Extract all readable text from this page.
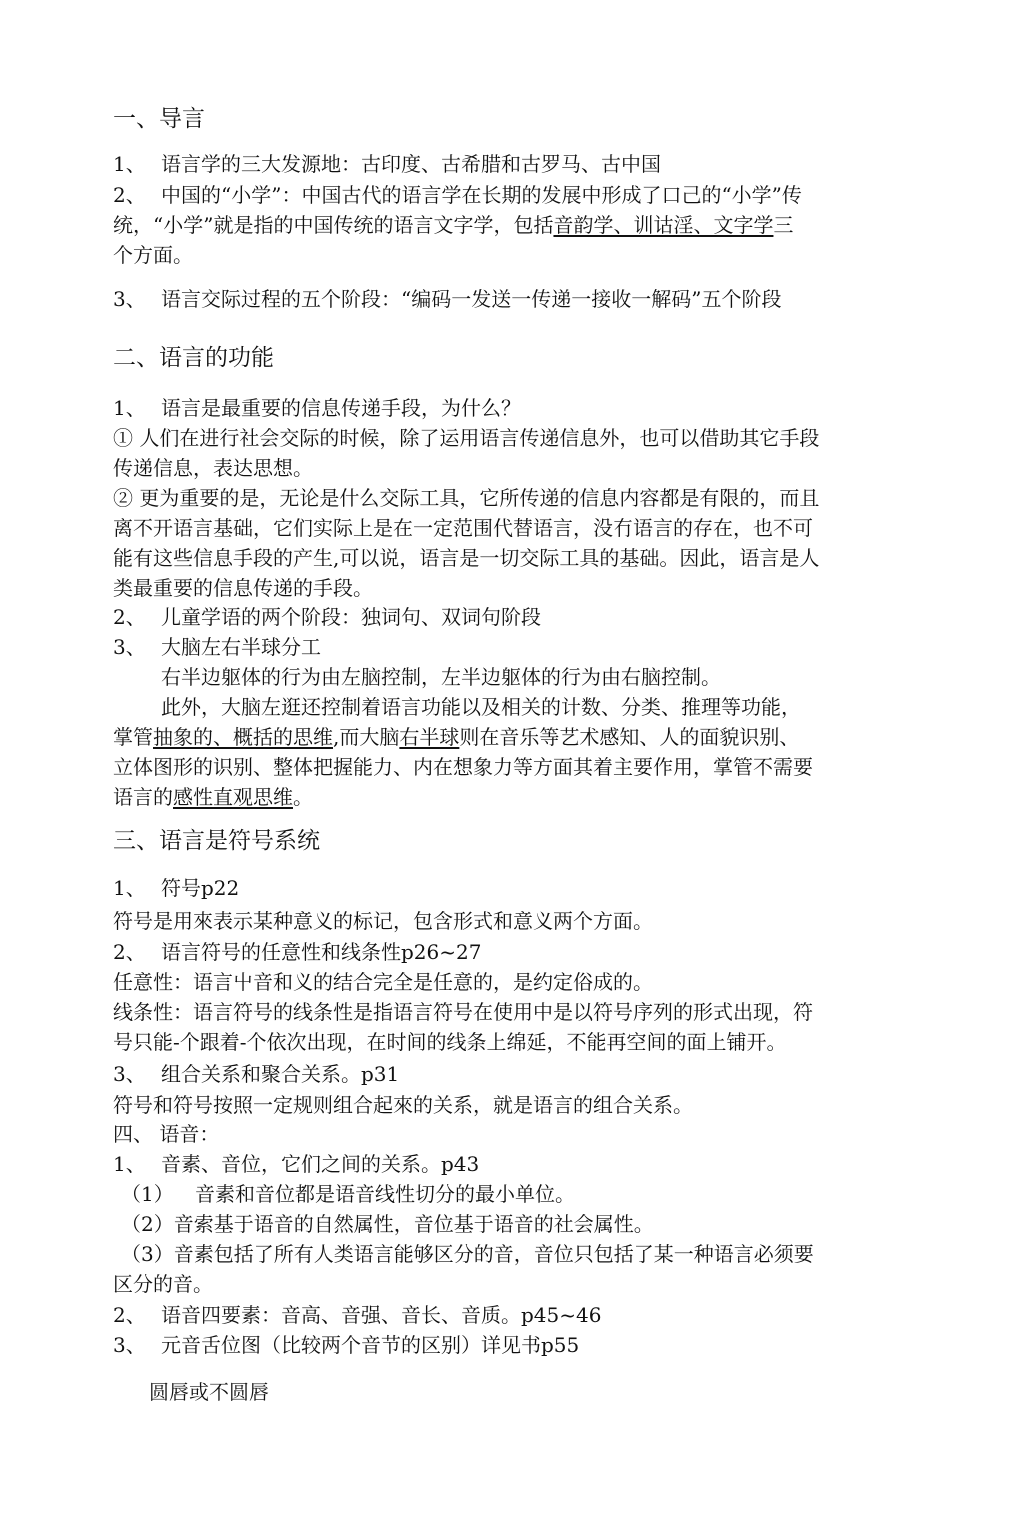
一、导言
1、 语言学的三大发源地：古印度、古希腊和古罗马、古中国
2、 中国的“小学”：中国古代的语言学在长期的发展中形成了口己的“小学”传
统，“小学”就是指的中国传统的语言文字学，包括音韵学、训诂淫、文字学三
个方面。
3、 语言交际过程的五个阶段：“编码一发送一传递一接收一解码”五个阶段
二、语言的功能
1、 语言是最重要的信息传递手段，为什么？
① 人们在进行社会交际的时候，除了运用语言传递信息外，也可以借助其它手段
传递信息，表达思想。
② 更为重要的是，无论是什么交际工具，它所传递的信息内容都是有限的，而且
离不开语言基础，它们实际上是在一定范围代替语言，没冇语言的存在，也不可
能有这些信息手段的产生,可以说，语言是一切交际工具的基础。因此，语言是人
类最重要的信息传递的手段。
2、 儿童学语的两个阶段：独词句、双词句阶段
3、 大脑左右半球分工
右半边躯体的行为由左脑控制，左半边躯体的行为由右脑控制。
此外，大脑左逛还控制着语言功能以及相关的计数、分类、推理等功能，
掌管抽象的、概括的思维,而大脑右半球则在音乐等艺术感知、人的面貌识别、
立体图形的识别、整体把握能力、内在想象力等方面其着主要作用，掌管不需要
语言的感性直观思维。
三、语言是符号系统
1、 符号p22
符号是用來表示某种意义的标记，包含形式和意义两个方面。
2、 语言符号的任意性和线条性p26~27
任意性：语言屮音和义的结合完全是任意的，是约定俗成的。
线条性：语言符号的线条性是指语言符号在使用中是以符号序列的形式出现，符
号只能-个跟着-个依次出现，在时间的线条上绵延，不能再空间的面上铺开。
3、 组合关系和聚合关系。p31
符号和符号按照一定规则组合起來的关系，就是语言的组合关系。
四、 语音：
1、 音素、音位，它们之间的关系。p43
（1） 音素和音位都是语音线性切分的最小单位。
（2）音索基于语音的自然属性，音位基于语音的社会属性。
（3）音素包括了所有人类语言能够区分的音，音位只包括了某一种语言必须要
区分的音。
2、 语音四要素：音高、音强、音长、音质。p45~46
3、 元音舌位图（比较两个音节的区别）详见书p55
圆唇或不圆唇
